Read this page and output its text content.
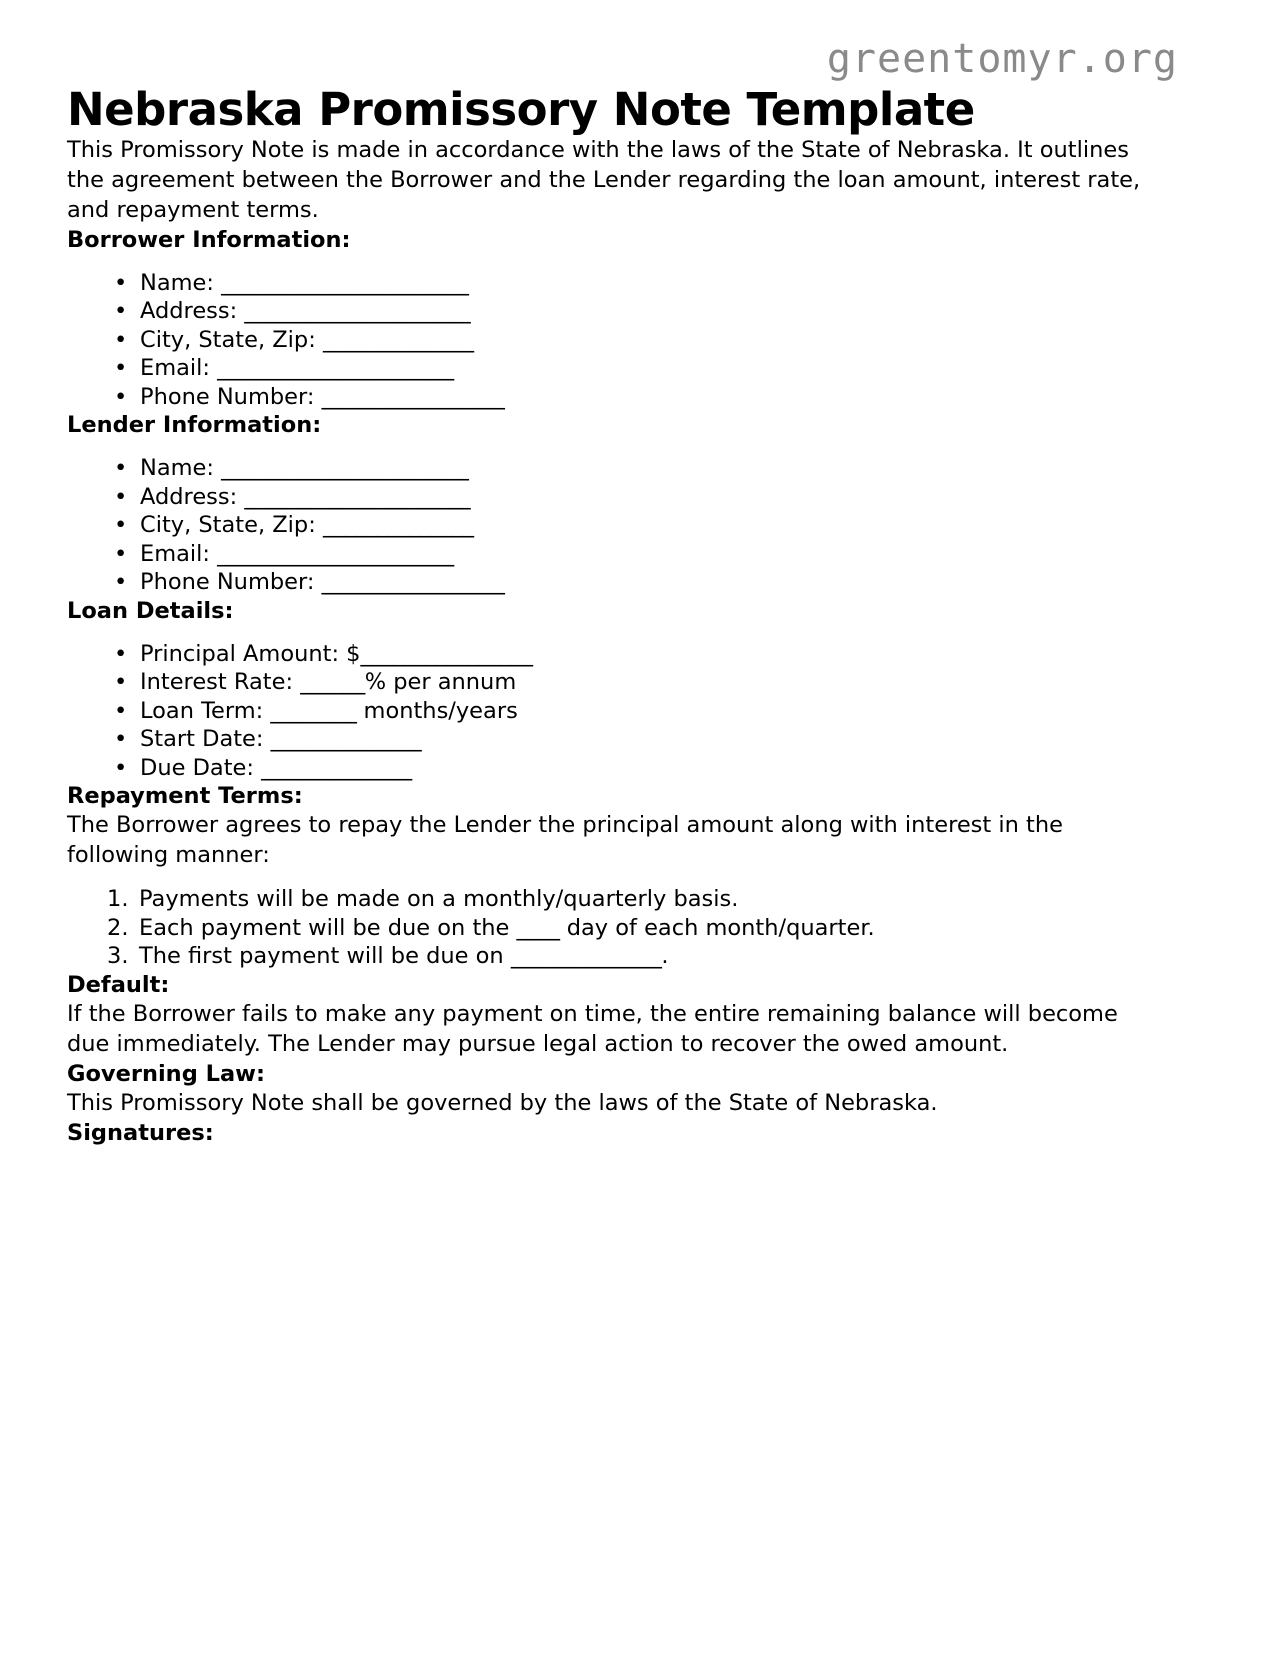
greentomyr.org
Nebraska Promissory Note Template

This Promissory Note is made in accordance with the laws of the State of Nebraska. It outlines the agreement between the Borrower and the Lender regarding the loan amount, interest rate, and repayment terms.

Borrower Information:
• Name: _______________________
• Address: _____________________
• City, State, Zip: ______________
• Email: ______________________
• Phone Number: _________________
Lender Information:
• Name: _______________________
• Address: _____________________
• City, State, Zip: ______________
• Email: ______________________
• Phone Number: _________________
Loan Details:
• Principal Amount: $________________
• Interest Rate: ______% per annum
• Loan Term: ________ months/years
• Start Date: ______________
• Due Date: ______________
Repayment Terms:

The Borrower agrees to repay the Lender the principal amount along with interest in the following manner:

Payments will be made on a monthly/quarterly basis.
Each payment will be due on the ____ day of each month/quarter.
The first payment will be due on ______________.
Default:

If the Borrower fails to make any payment on time, the entire remaining balance will become due immediately. The Lender may pursue legal action to recover the owed amount.

Governing Law:

This Promissory Note shall be governed by the laws of the State of Nebraska.

Signatures:
